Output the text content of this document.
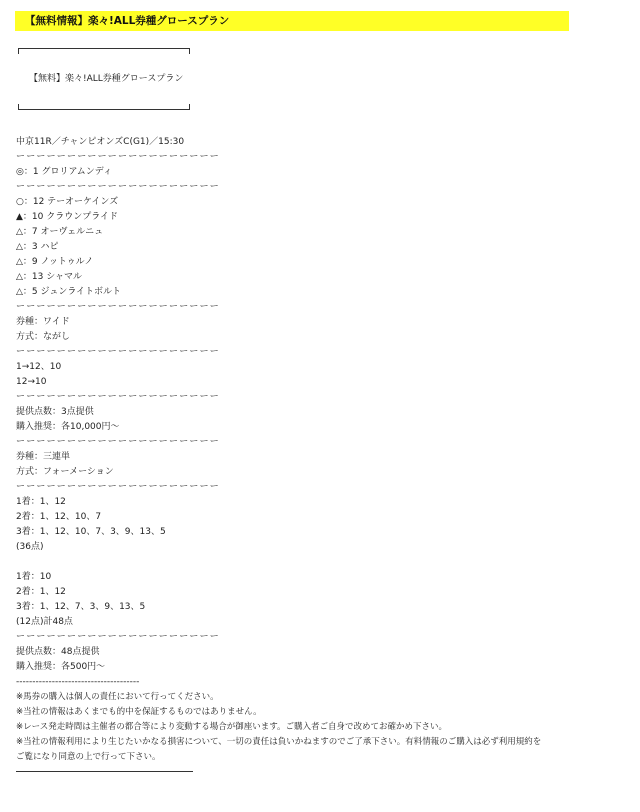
【無料情報】楽々!ALL券種グロースプラン
【無料】楽々!ALL券種グロースプラン
中京11R／チャンピオンズC(G1)／15:30
ーーーーーーーーーーーーーーーーーーーー
◎：1 グロリアムンディ
ーーーーーーーーーーーーーーーーーーーー
○：12 テーオーケインズ
▲：10 クラウンプライド
△：7 オーヴェルニュ
△：3 ハピ
△：9 ノットゥルノ
△：13 シャマル
△：5 ジュンライトボルト
ーーーーーーーーーーーーーーーーーーーー
券種：ワイド
方式：ながし
ーーーーーーーーーーーーーーーーーーーー
1→12、10
12→10
ーーーーーーーーーーーーーーーーーーーー
提供点数：3点提供
購入推奨：各10,000円〜
ーーーーーーーーーーーーーーーーーーーー
券種：三連単
方式：フォーメーション
ーーーーーーーーーーーーーーーーーーーー
1着：1、12
2着：1、12、10、7
3着：1、12、10、7、3、9、13、5
(36点)
1着：10
2着：1、12
3着：1、12、7、3、9、13、5
(12点)計48点
ーーーーーーーーーーーーーーーーーーーー
提供点数：48点提供
購入推奨：各500円〜
--------------------------------------
※馬券の購入は個人の責任において行ってください。
※当社の情報はあくまでも的中を保証するものではありません。
※レース発走時間は主催者の都合等により変動する場合が御座います。ご購入者ご自身で改めてお確かめ下さい。
※当社の情報利用により生じたいかなる損害について、一切の責任は負いかねますのでご了承下さい。有料情報のご購入は必ず利用規約を
ご覧になり同意の上で行って下さい。
